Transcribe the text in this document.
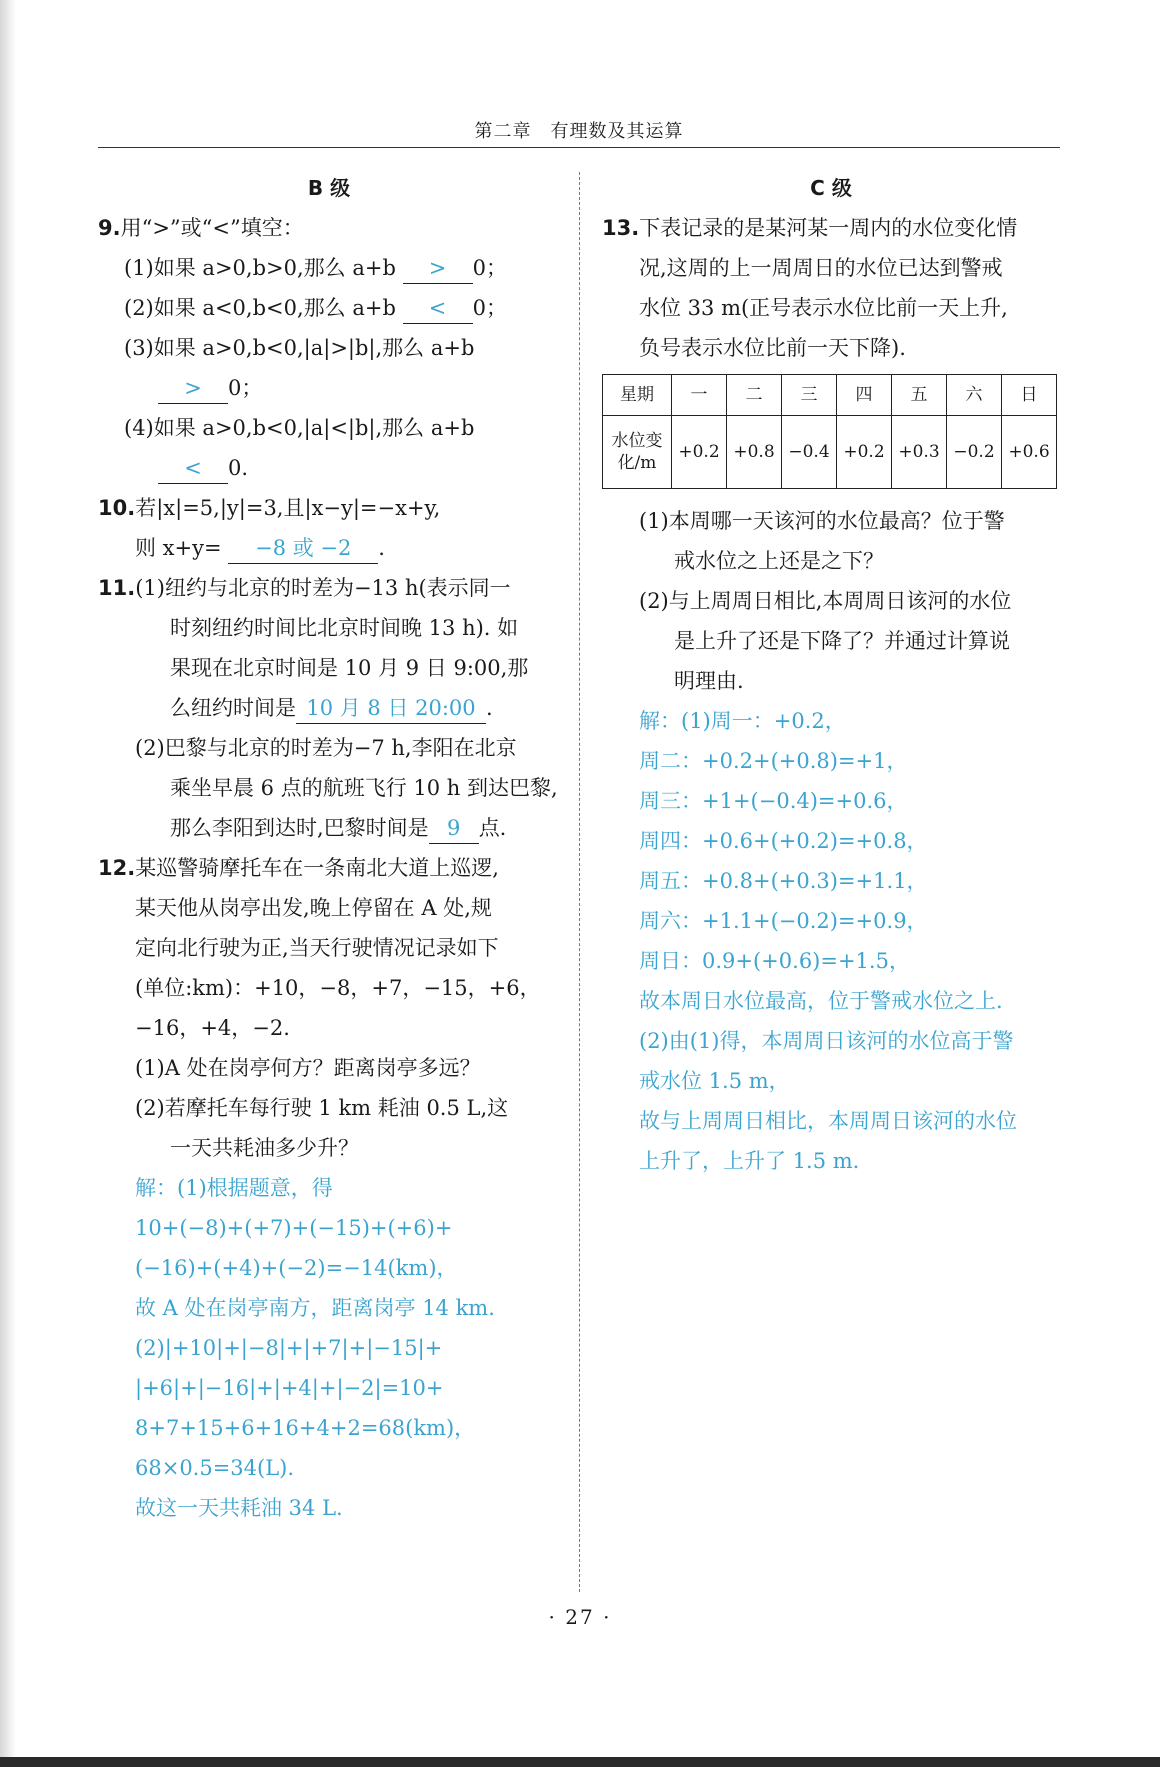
第二章　有理数及其运算
B 级
9.用“>”或“<”填空：
(1)如果 a>0,b>0,那么 a+b > 0；
(2)如果 a<0,b<0,那么 a+b < 0；
(3)如果 a>0,b<0,|a|>|b|,那么 a+b
> 0；
(4)如果 a>0,b<0,|a|<|b|,那么 a+b
< 0.
10.若|x|=5,|y|=3,且|x−y|=−x+y,
则 x+y= −8 或 −2 .
11.(1)纽约与北京的时差为−13 h(表示同一
时刻纽约时间比北京时间晚 13 h). 如
果现在北京时间是 10 月 9 日 9:00,那
么纽约时间是 10 月 8 日 20:00 .
(2)巴黎与北京的时差为−7 h,李阳在北京
乘坐早晨 6 点的航班飞行 10 h 到达巴黎,
那么李阳到达时,巴黎时间是 9 点.
12.某巡警骑摩托车在一条南北大道上巡逻,
某天他从岗亭出发,晚上停留在 A 处,规
定向北行驶为正,当天行驶情况记录如下
(单位:km)：+10，−8，+7，−15，+6，
−16，+4，−2.
(1)A 处在岗亭何方？距离岗亭多远？
(2)若摩托车每行驶 1 km 耗油 0.5 L,这
一天共耗油多少升？
解：(1)根据题意，得
10+(−8)+(+7)+(−15)+(+6)+
(−16)+(+4)+(−2)=−14(km)，
故 A 处在岗亭南方，距离岗亭 14 km.
(2)|+10|+|−8|+|+7|+|−15|+
|+6|+|−16|+|+4|+|−2|=10+
8+7+15+6+16+4+2=68(km)，
68×0.5=34(L).
故这一天共耗油 34 L.
C 级
13.下表记录的是某河某一周内的水位变化情
况,这周的上一周周日的水位已达到警戒
水位 33 m(正号表示水位比前一天上升,
负号表示水位比前一天下降).
星期	一	二	三	四	五	六	日

水位变
化/m	+0.2	+0.8	−0.4	+0.2	+0.3	−0.2	+0.6
(1)本周哪一天该河的水位最高？位于警
戒水位之上还是之下？
(2)与上周周日相比,本周周日该河的水位
是上升了还是下降了？并通过计算说
明理由.
解：(1)周一：+0.2，
周二：+0.2+(+0.8)=+1，
周三：+1+(−0.4)=+0.6，
周四：+0.6+(+0.2)=+0.8，
周五：+0.8+(+0.3)=+1.1，
周六：+1.1+(−0.2)=+0.9，
周日：0.9+(+0.6)=+1.5，
故本周日水位最高，位于警戒水位之上.
(2)由(1)得，本周周日该河的水位高于警
戒水位 1.5 m，
故与上周周日相比，本周周日该河的水位
上升了，上升了 1.5 m.
· 27 ·
